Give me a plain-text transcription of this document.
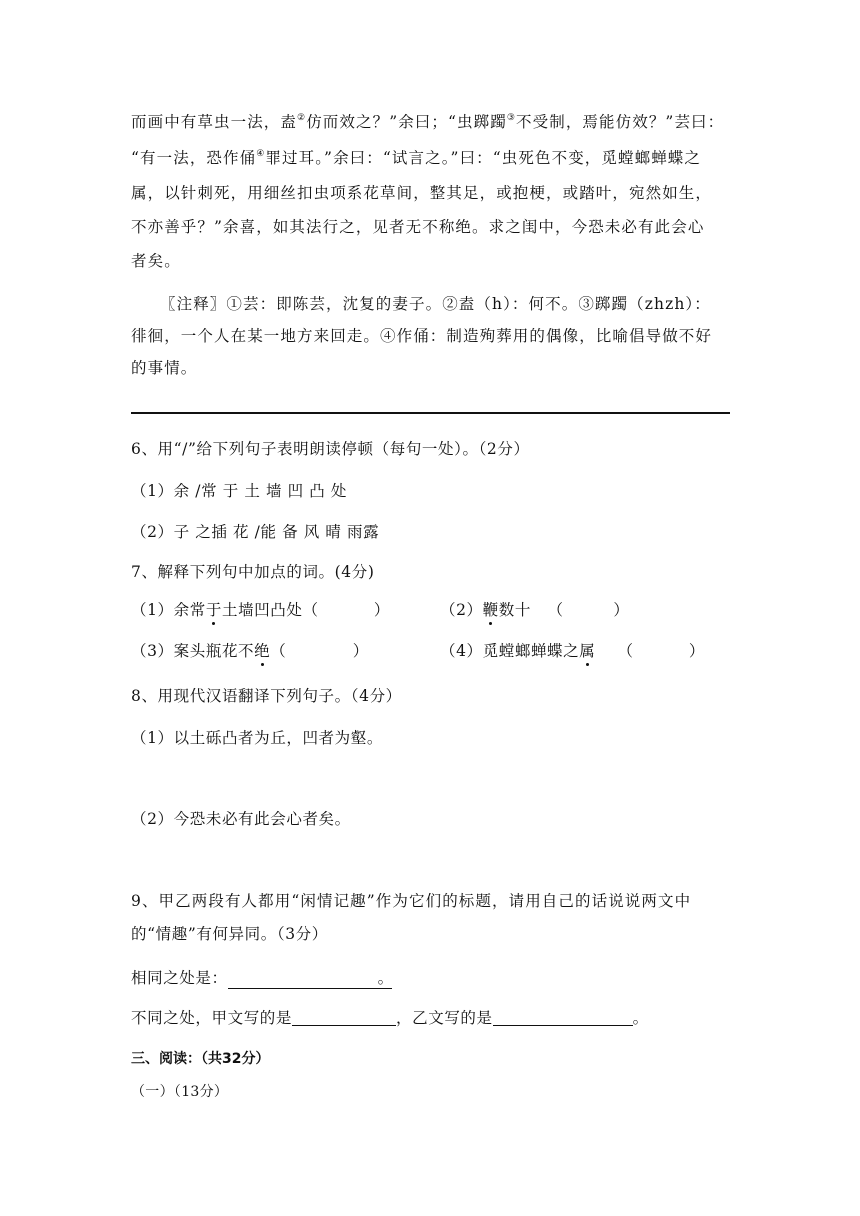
而画中有草虫一法，盍②仿而效之？”余曰；“虫踯躅③不受制，焉能仿效？”芸曰：
“有一法，恐作俑④罪过耳。”余曰：“试言之。”曰：“虫死色不变，觅螳螂蝉蝶之
属，以针刺死，用细丝扣虫项系花草间，整其足，或抱梗，或踏叶，宛然如生，
不亦善乎？”余喜，如其法行之，见者无不称绝。求之闺中，今恐未必有此会心
者矣。
〖注释〗①芸：即陈芸，沈复的妻子。②盍（h）：何不。③踯躅（zhzh）：
徘徊，一个人在某一地方来回走。④作俑：制造殉葬用的偶像，比喻倡导做不好
的事情。
6、用“/”给下列句子表明朗读停顿（每句一处）。（2分）
（1）余 /常 于 土 墙 凹 凸 处
（2）子 之插 花 /能 备 风 晴 雨露
7、解释下列句中加点的词。(4分)
（1）余常于土墙凹凸处（          ）	（2）鞭数十   （         ）
（3）案头瓶花不绝（            ）	（4）觅螳螂蝉蝶之属    （          ）
8、用现代汉语翻译下列句子。（4分）
（1）以土砾凸者为丘，凹者为壑。
（2）今恐未必有此会心者矣。
9、甲乙两段有人都用“闲情记趣”作为它们的标题，请用自己的话说说两文中
的“情趣”有何异同。（3分）
相同之处是：	。
不同之处，甲文写的是	，乙文写的是	。
三、阅读：（共32分）
（一）（13分）
